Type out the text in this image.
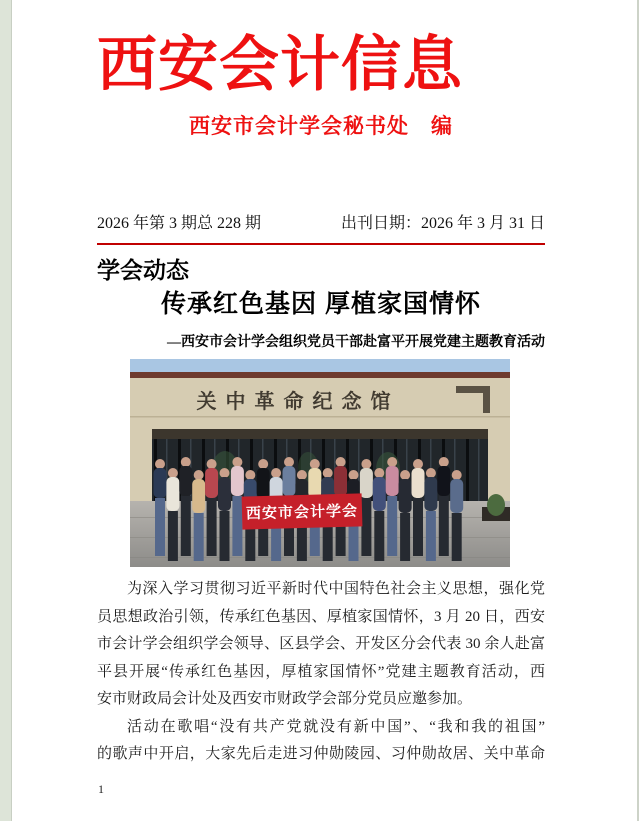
西安会计信息
西安市会计学会秘书处　编
2026 年第 3 期总 228 期	出刊日期：2026 年 3 月 31 日
学会动态
传承红色基因 厚植家国情怀
—西安市会计学会组织党员干部赴富平开展党建主题教育活动
关中革命纪念馆
西安市会计学会
为深入学习贯彻习近平新时代中国特色社会主义思想，强化党
员思想政治引领，传承红色基因、厚植家国情怀，3 月 20 日，西安
市会计学会组织学会领导、区县学会、开发区分会代表 30 余人赴富
平县开展“传承红色基因，厚植家国情怀”党建主题教育活动，西
安市财政局会计处及西安市财政学会部分党员应邀参加。
活动在歌唱“没有共产党就没有新中国”、“我和我的祖国”
的歌声中开启，大家先后走进习仲勋陵园、习仲勋故居、关中革命
1
